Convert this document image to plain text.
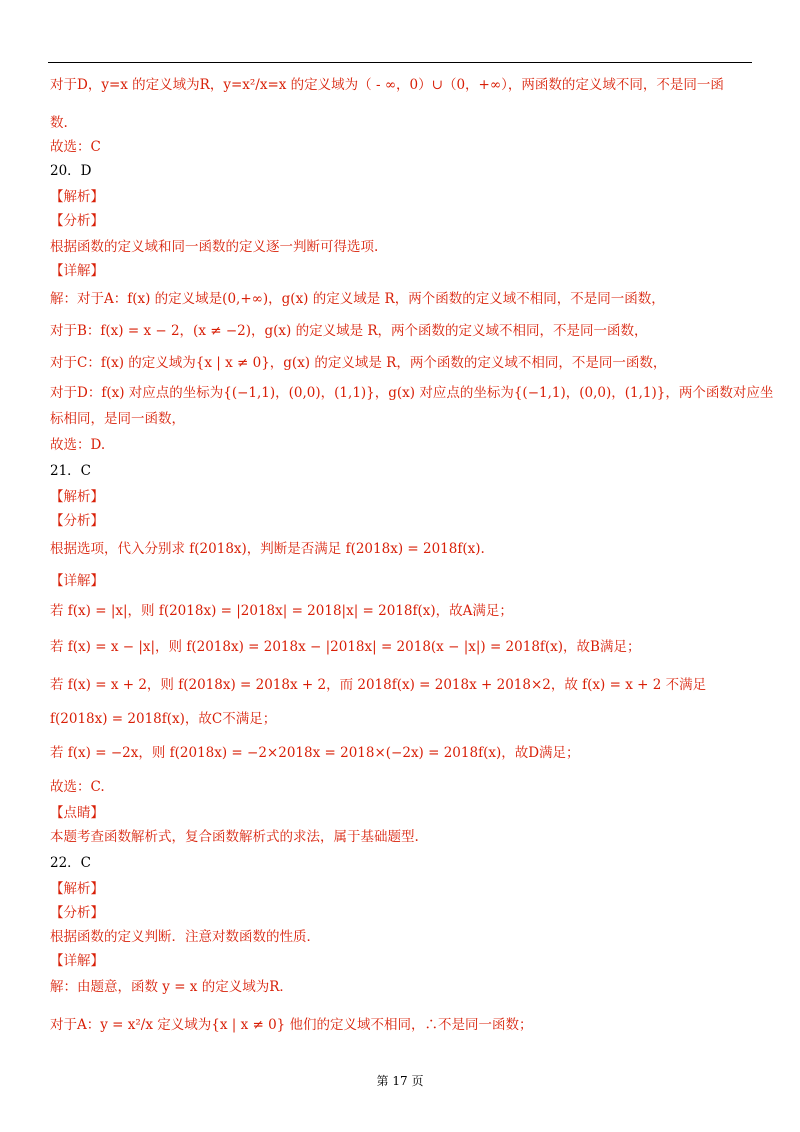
对于D，y=x 的定义域为R，y=x²/x=x 的定义域为（ - ∞，0）∪（0，+∞），两函数的定义域不同，不是同一函
数.
故选：C
20．D
【解析】
【分析】
根据函数的定义域和同一函数的定义逐一判断可得选项.
【详解】
解：对于A：f(x) 的定义域是(0,+∞)，g(x) 的定义域是 R，两个函数的定义域不相同，不是同一函数，
对于B：f(x) = x − 2，(x ≠ −2)，g(x) 的定义域是 R，两个函数的定义域不相同，不是同一函数，
对于C：f(x) 的定义域为{x | x ≠ 0}，g(x) 的定义域是 R，两个函数的定义域不相同，不是同一函数，
对于D：f(x) 对应点的坐标为{(−1,1)，(0,0)，(1,1)}，g(x) 对应点的坐标为{(−1,1)，(0,0)，(1,1)}，两个函数对应坐
标相同，是同一函数，
故选：D.
21．C
【解析】
【分析】
根据选项，代入分别求 f(2018x)，判断是否满足 f(2018x) = 2018f(x).
【详解】
若 f(x) = |x|，则 f(2018x) = |2018x| = 2018|x| = 2018f(x)，故A满足；
若 f(x) = x − |x|，则 f(2018x) = 2018x − |2018x| = 2018(x − |x|) = 2018f(x)，故B满足；
若 f(x) = x + 2，则 f(2018x) = 2018x + 2，而 2018f(x) = 2018x + 2018×2，故 f(x) = x + 2 不满足
f(2018x) = 2018f(x)，故C不满足；
若 f(x) = −2x，则 f(2018x) = −2×2018x = 2018×(−2x) = 2018f(x)，故D满足；
故选：C.
【点睛】
本题考查函数解析式，复合函数解析式的求法，属于基础题型.
22．C
【解析】
【分析】
根据函数的定义判断．注意对数函数的性质．
【详解】
解：由题意，函数 y = x 的定义域为R．
对于A：y = x²/x 定义域为{x | x ≠ 0} 他们的定义域不相同，∴不是同一函数；
第 17 页
